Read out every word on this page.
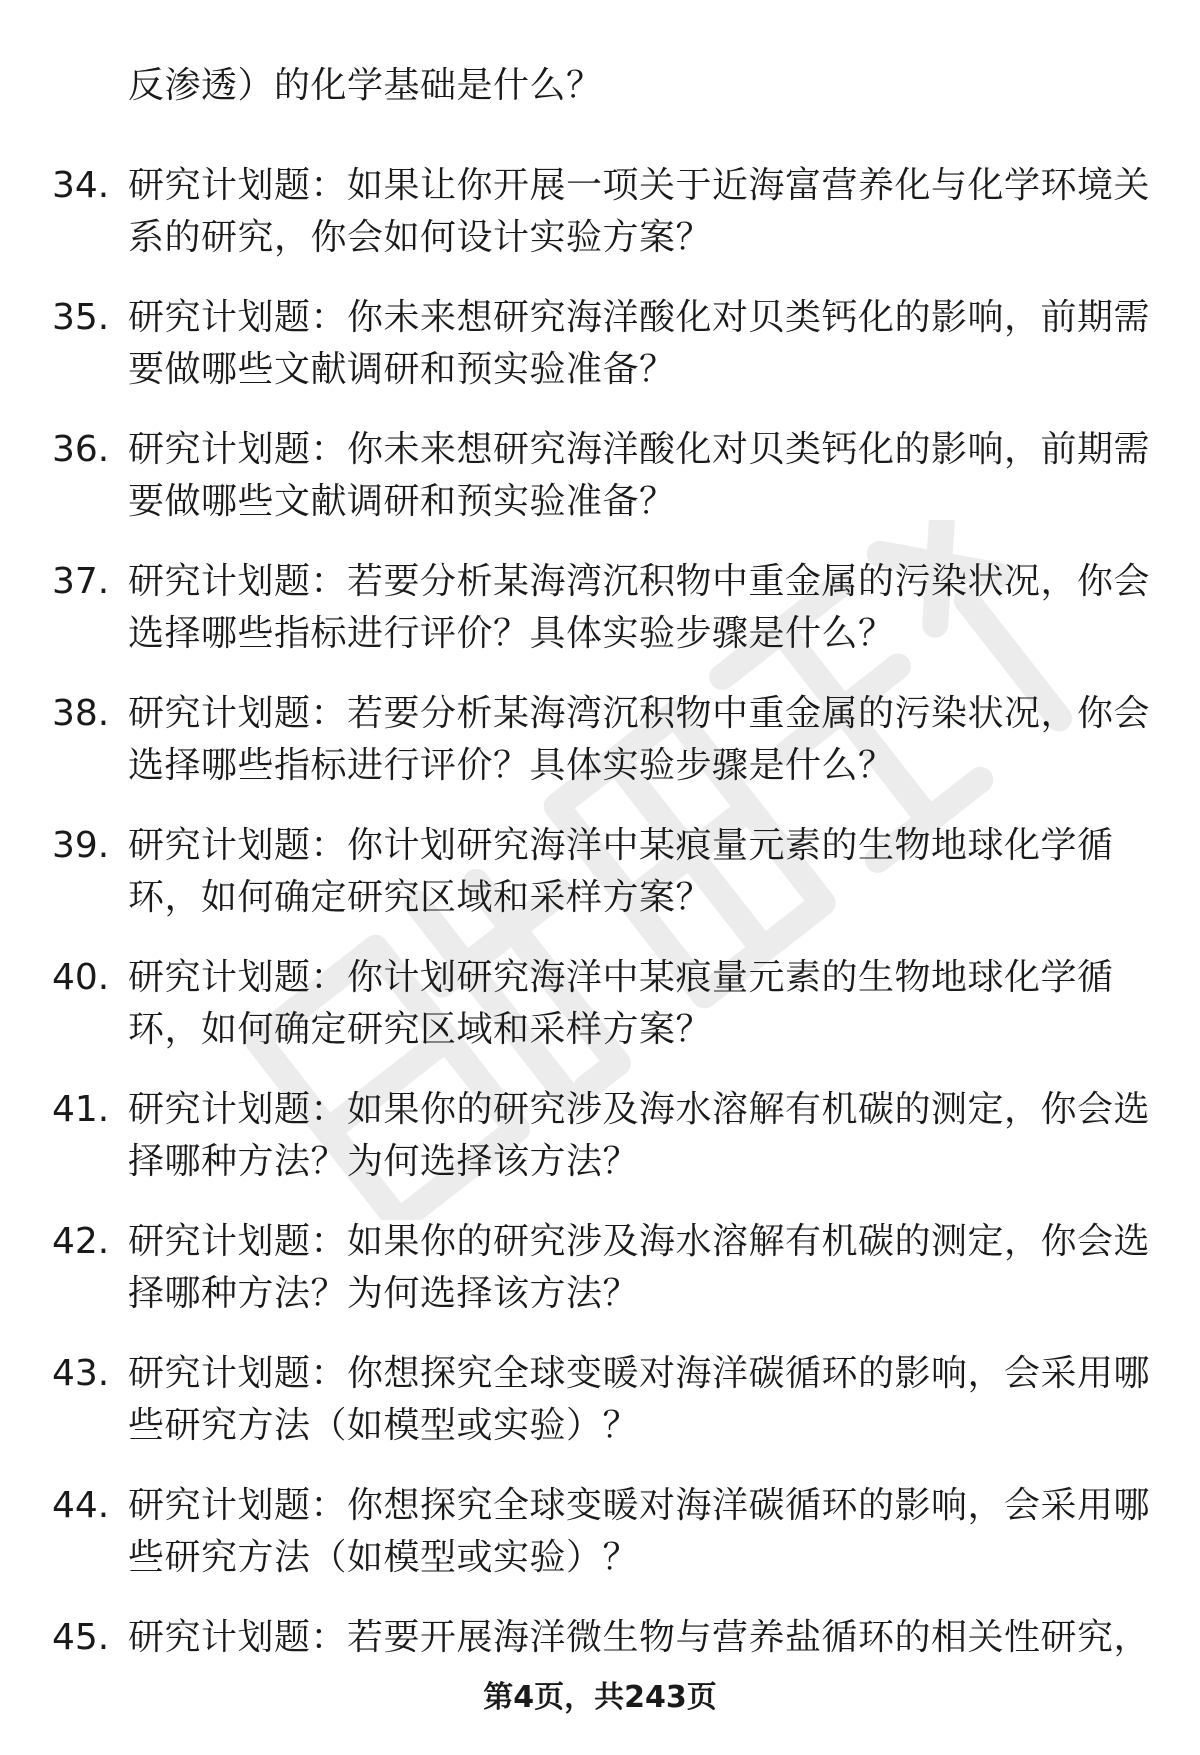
反渗透）的化学基础是什么？
34. 研究计划题：如果让你开展一项关于近海富营养化与化学环境关系的研究，你会如何设计实验方案？
35. 研究计划题：你未来想研究海洋酸化对贝类钙化的影响，前期需要做哪些文献调研和预实验准备？
36. 研究计划题：你未来想研究海洋酸化对贝类钙化的影响，前期需要做哪些文献调研和预实验准备？
37. 研究计划题：若要分析某海湾沉积物中重金属的污染状况，你会选择哪些指标进行评价？具体实验步骤是什么？
38. 研究计划题：若要分析某海湾沉积物中重金属的污染状况，你会选择哪些指标进行评价？具体实验步骤是什么？
39. 研究计划题：你计划研究海洋中某痕量元素的生物地球化学循环，如何确定研究区域和采样方案？
40. 研究计划题：你计划研究海洋中某痕量元素的生物地球化学循环，如何确定研究区域和采样方案？
41. 研究计划题：如果你的研究涉及海水溶解有机碳的测定，你会选择哪种方法？为何选择该方法？
42. 研究计划题：如果你的研究涉及海水溶解有机碳的测定，你会选择哪种方法？为何选择该方法？
43. 研究计划题：你想探究全球变暖对海洋碳循环的影响，会采用哪些研究方法（如模型或实验）？
44. 研究计划题：你想探究全球变暖对海洋碳循环的影响，会采用哪些研究方法（如模型或实验）？
45. 研究计划题：若要开展海洋微生物与营养盐循环的相关性研究，
第4页，共243页
